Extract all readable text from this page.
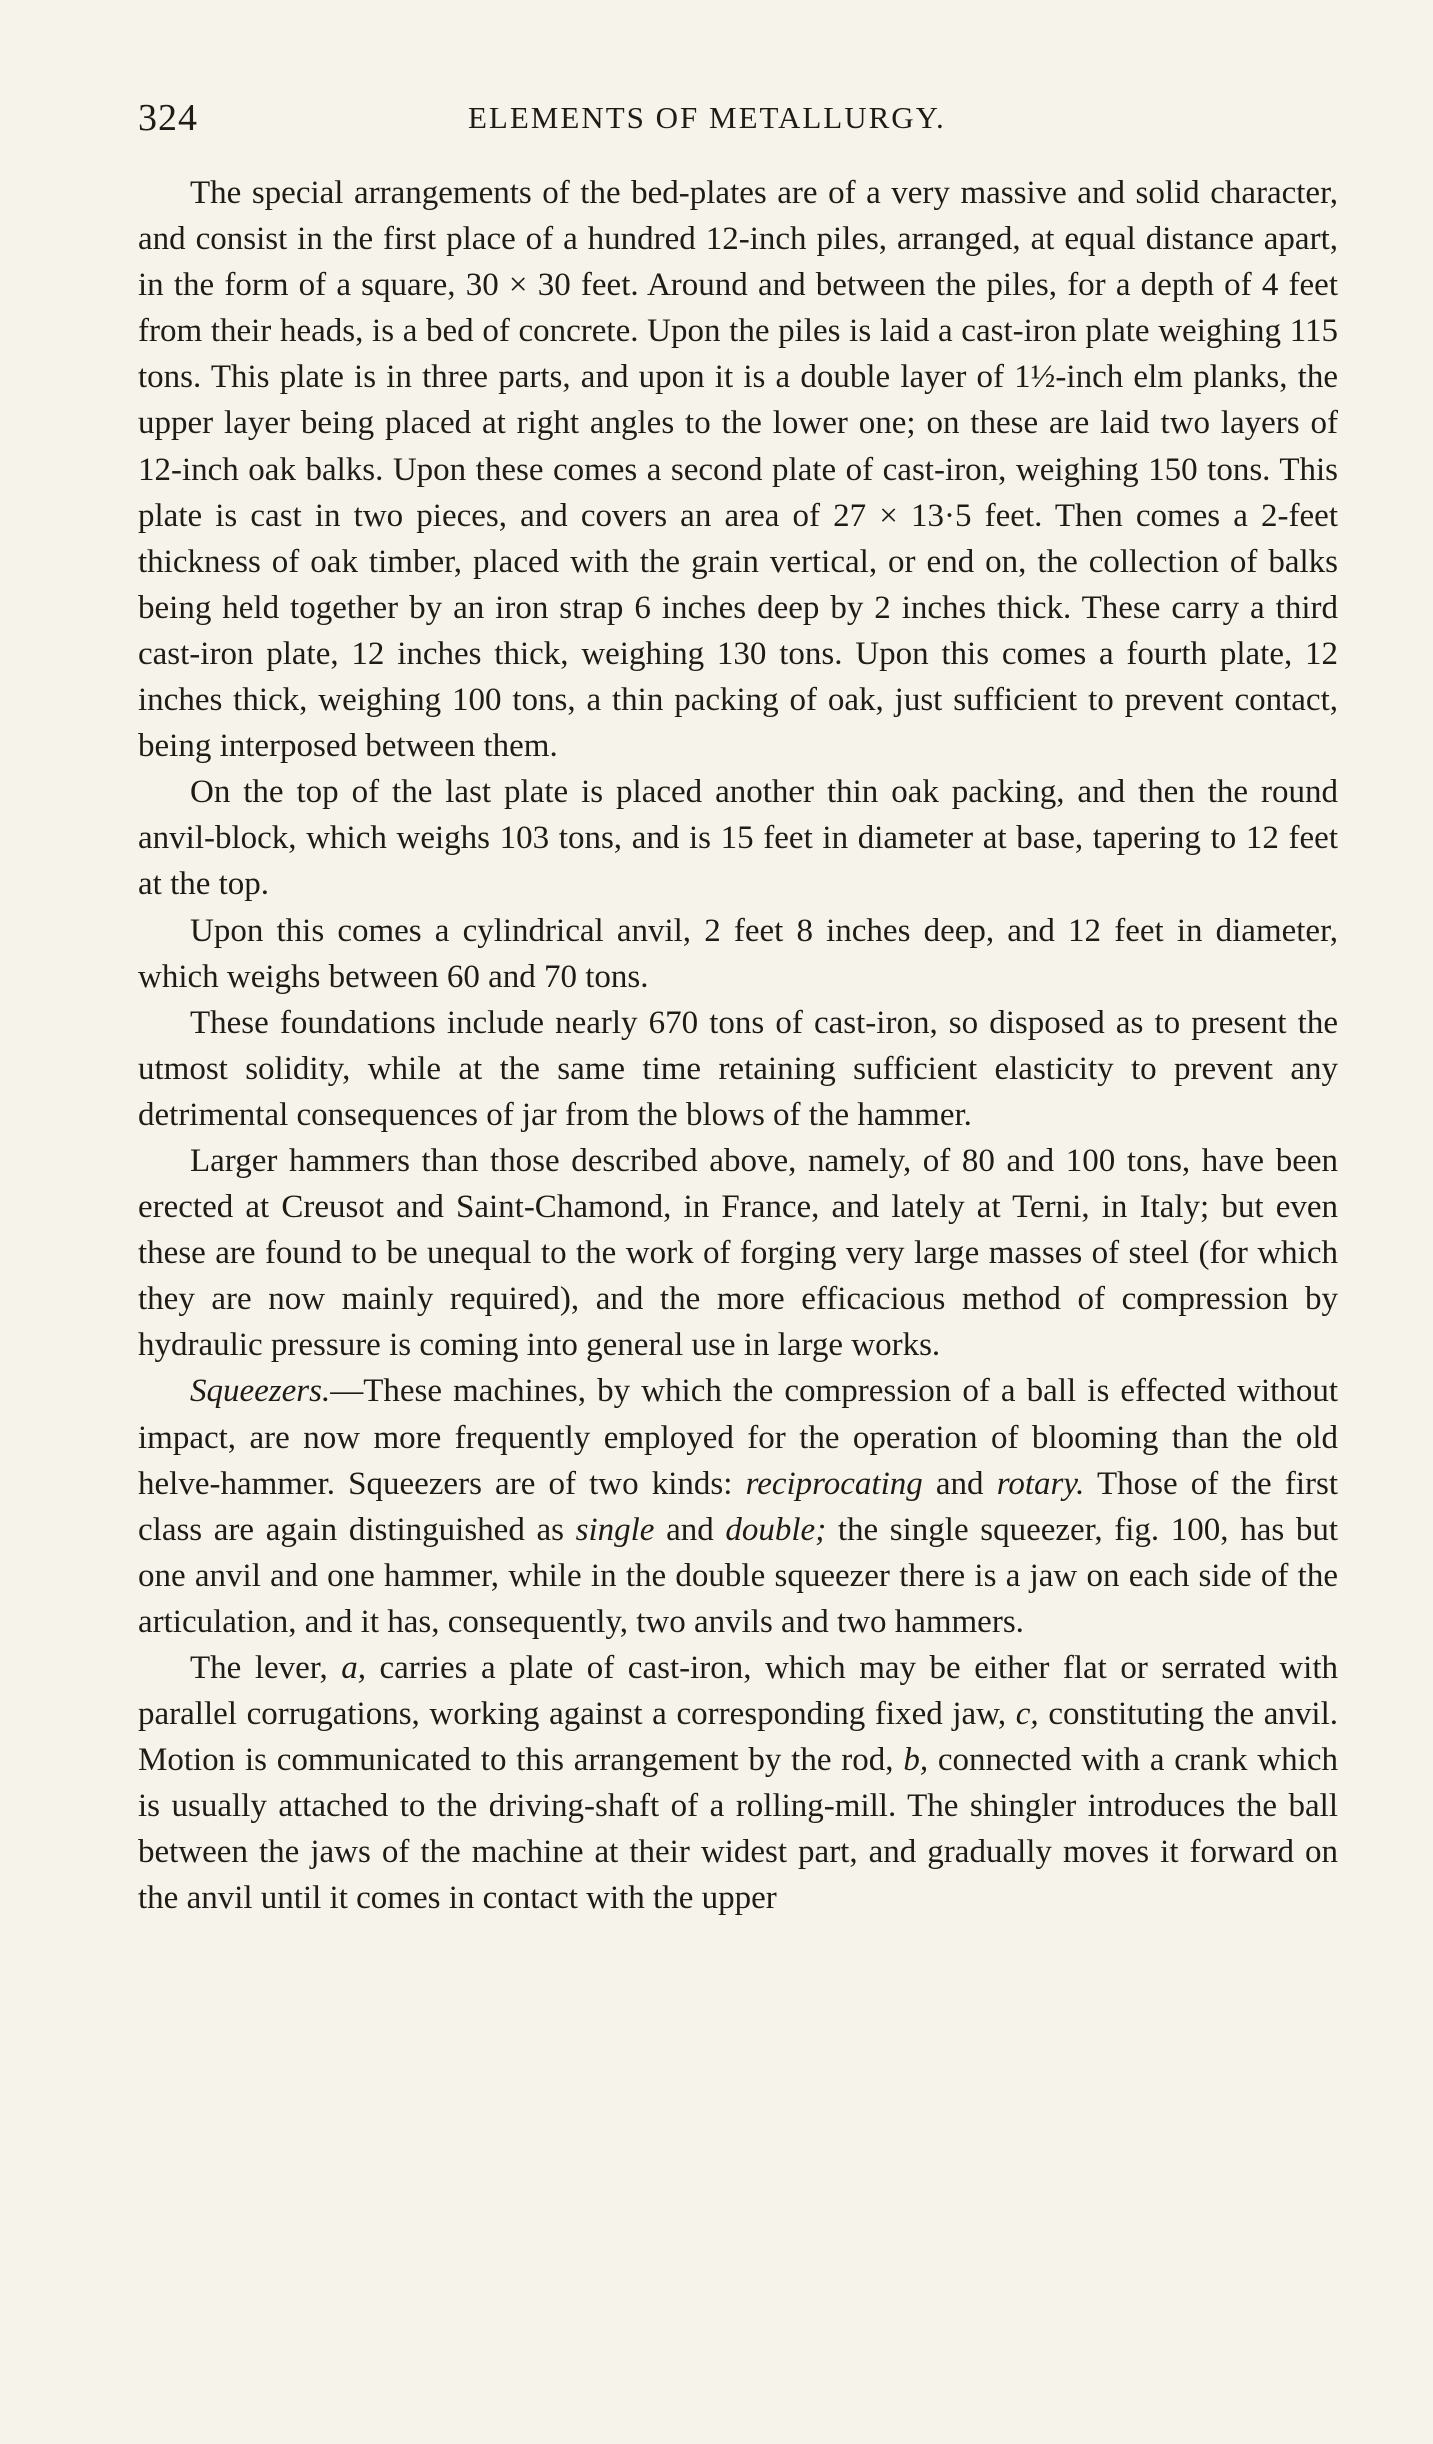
324	ELEMENTS OF METALLURGY.

The special arrangements of the bed-plates are of a very massive and solid character, and consist in the first place of a hundred 12-inch piles, arranged, at equal distance apart, in the form of a square, 30 × 30 feet. Around and between the piles, for a depth of 4 feet from their heads, is a bed of concrete. Upon the piles is laid a cast-iron plate weighing 115 tons. This plate is in three parts, and upon it is a double layer of 1½-inch elm planks, the upper layer being placed at right angles to the lower one; on these are laid two layers of 12-inch oak balks. Upon these comes a second plate of cast-iron, weighing 150 tons. This plate is cast in two pieces, and covers an area of 27 × 13·5 feet. Then comes a 2-feet thickness of oak timber, placed with the grain vertical, or end on, the collection of balks being held together by an iron strap 6 inches deep by 2 inches thick. These carry a third cast-iron plate, 12 inches thick, weighing 130 tons. Upon this comes a fourth plate, 12 inches thick, weighing 100 tons, a thin packing of oak, just sufficient to prevent contact, being interposed between them.

On the top of the last plate is placed another thin oak packing, and then the round anvil-block, which weighs 103 tons, and is 15 feet in diameter at base, tapering to 12 feet at the top.

Upon this comes a cylindrical anvil, 2 feet 8 inches deep, and 12 feet in diameter, which weighs between 60 and 70 tons.

These foundations include nearly 670 tons of cast-iron, so disposed as to present the utmost solidity, while at the same time retaining sufficient elasticity to prevent any detrimental consequences of jar from the blows of the hammer.

Larger hammers than those described above, namely, of 80 and 100 tons, have been erected at Creusot and Saint-Chamond, in France, and lately at Terni, in Italy; but even these are found to be unequal to the work of forging very large masses of steel (for which they are now mainly required), and the more efficacious method of compression by hydraulic pressure is coming into general use in large works.

Squeezers.—These machines, by which the compression of a ball is effected without impact, are now more frequently employed for the operation of blooming than the old helve-hammer. Squeezers are of two kinds: reciprocating and rotary. Those of the first class are again distinguished as single and double; the single squeezer, fig. 100, has but one anvil and one hammer, while in the double squeezer there is a jaw on each side of the articulation, and it has, consequently, two anvils and two hammers.

The lever, a, carries a plate of cast-iron, which may be either flat or serrated with parallel corrugations, working against a corresponding fixed jaw, c, constituting the anvil. Motion is communicated to this arrangement by the rod, b, connected with a crank which is usually attached to the driving-shaft of a rolling-mill. The shingler introduces the ball between the jaws of the machine at their widest part, and gradually moves it forward on the anvil until it comes in contact with the upper
